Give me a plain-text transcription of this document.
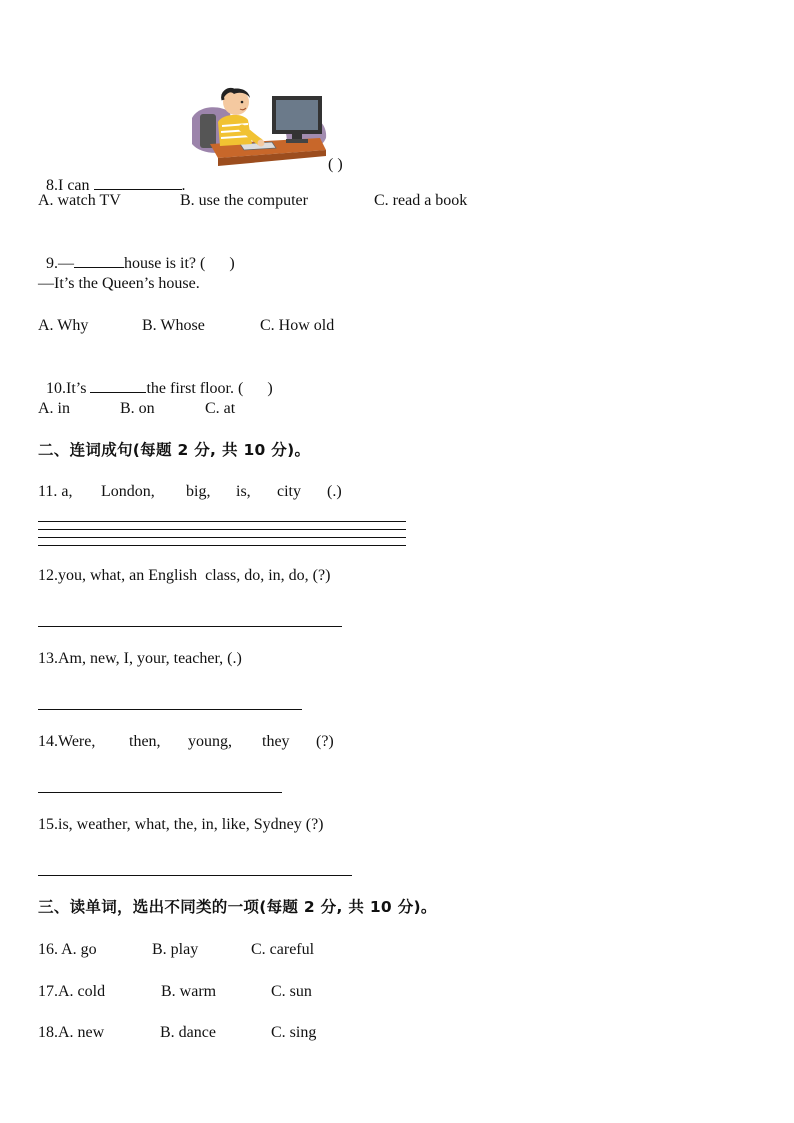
8.I can	.

( )
A. watch TV	B. use the computer	C. read a book

9.—	house is it? (      )

—It’s the Queen’s house.
A. Why	B. Whose	C. How old

10.It’s	the first floor. (      )

A. in	B. on	C. at
二、连词成句(每题 2 分, 共 10 分)。
11. a, London, big, is, city (.)
12.you, what, an English  class, do, in, do, (?)
13.Am, new, I, your, teacher, (.)
14.Were, then, young, they (?)
15.is, weather, what, the, in, like, Sydney (?)
三、读单词，选出不同类的一项(每题 2 分, 共 10 分)。
16. A. go	B. play	C. careful
17.A. cold	B. warm	C. sun
18.A. new	B. dance	C. sing
